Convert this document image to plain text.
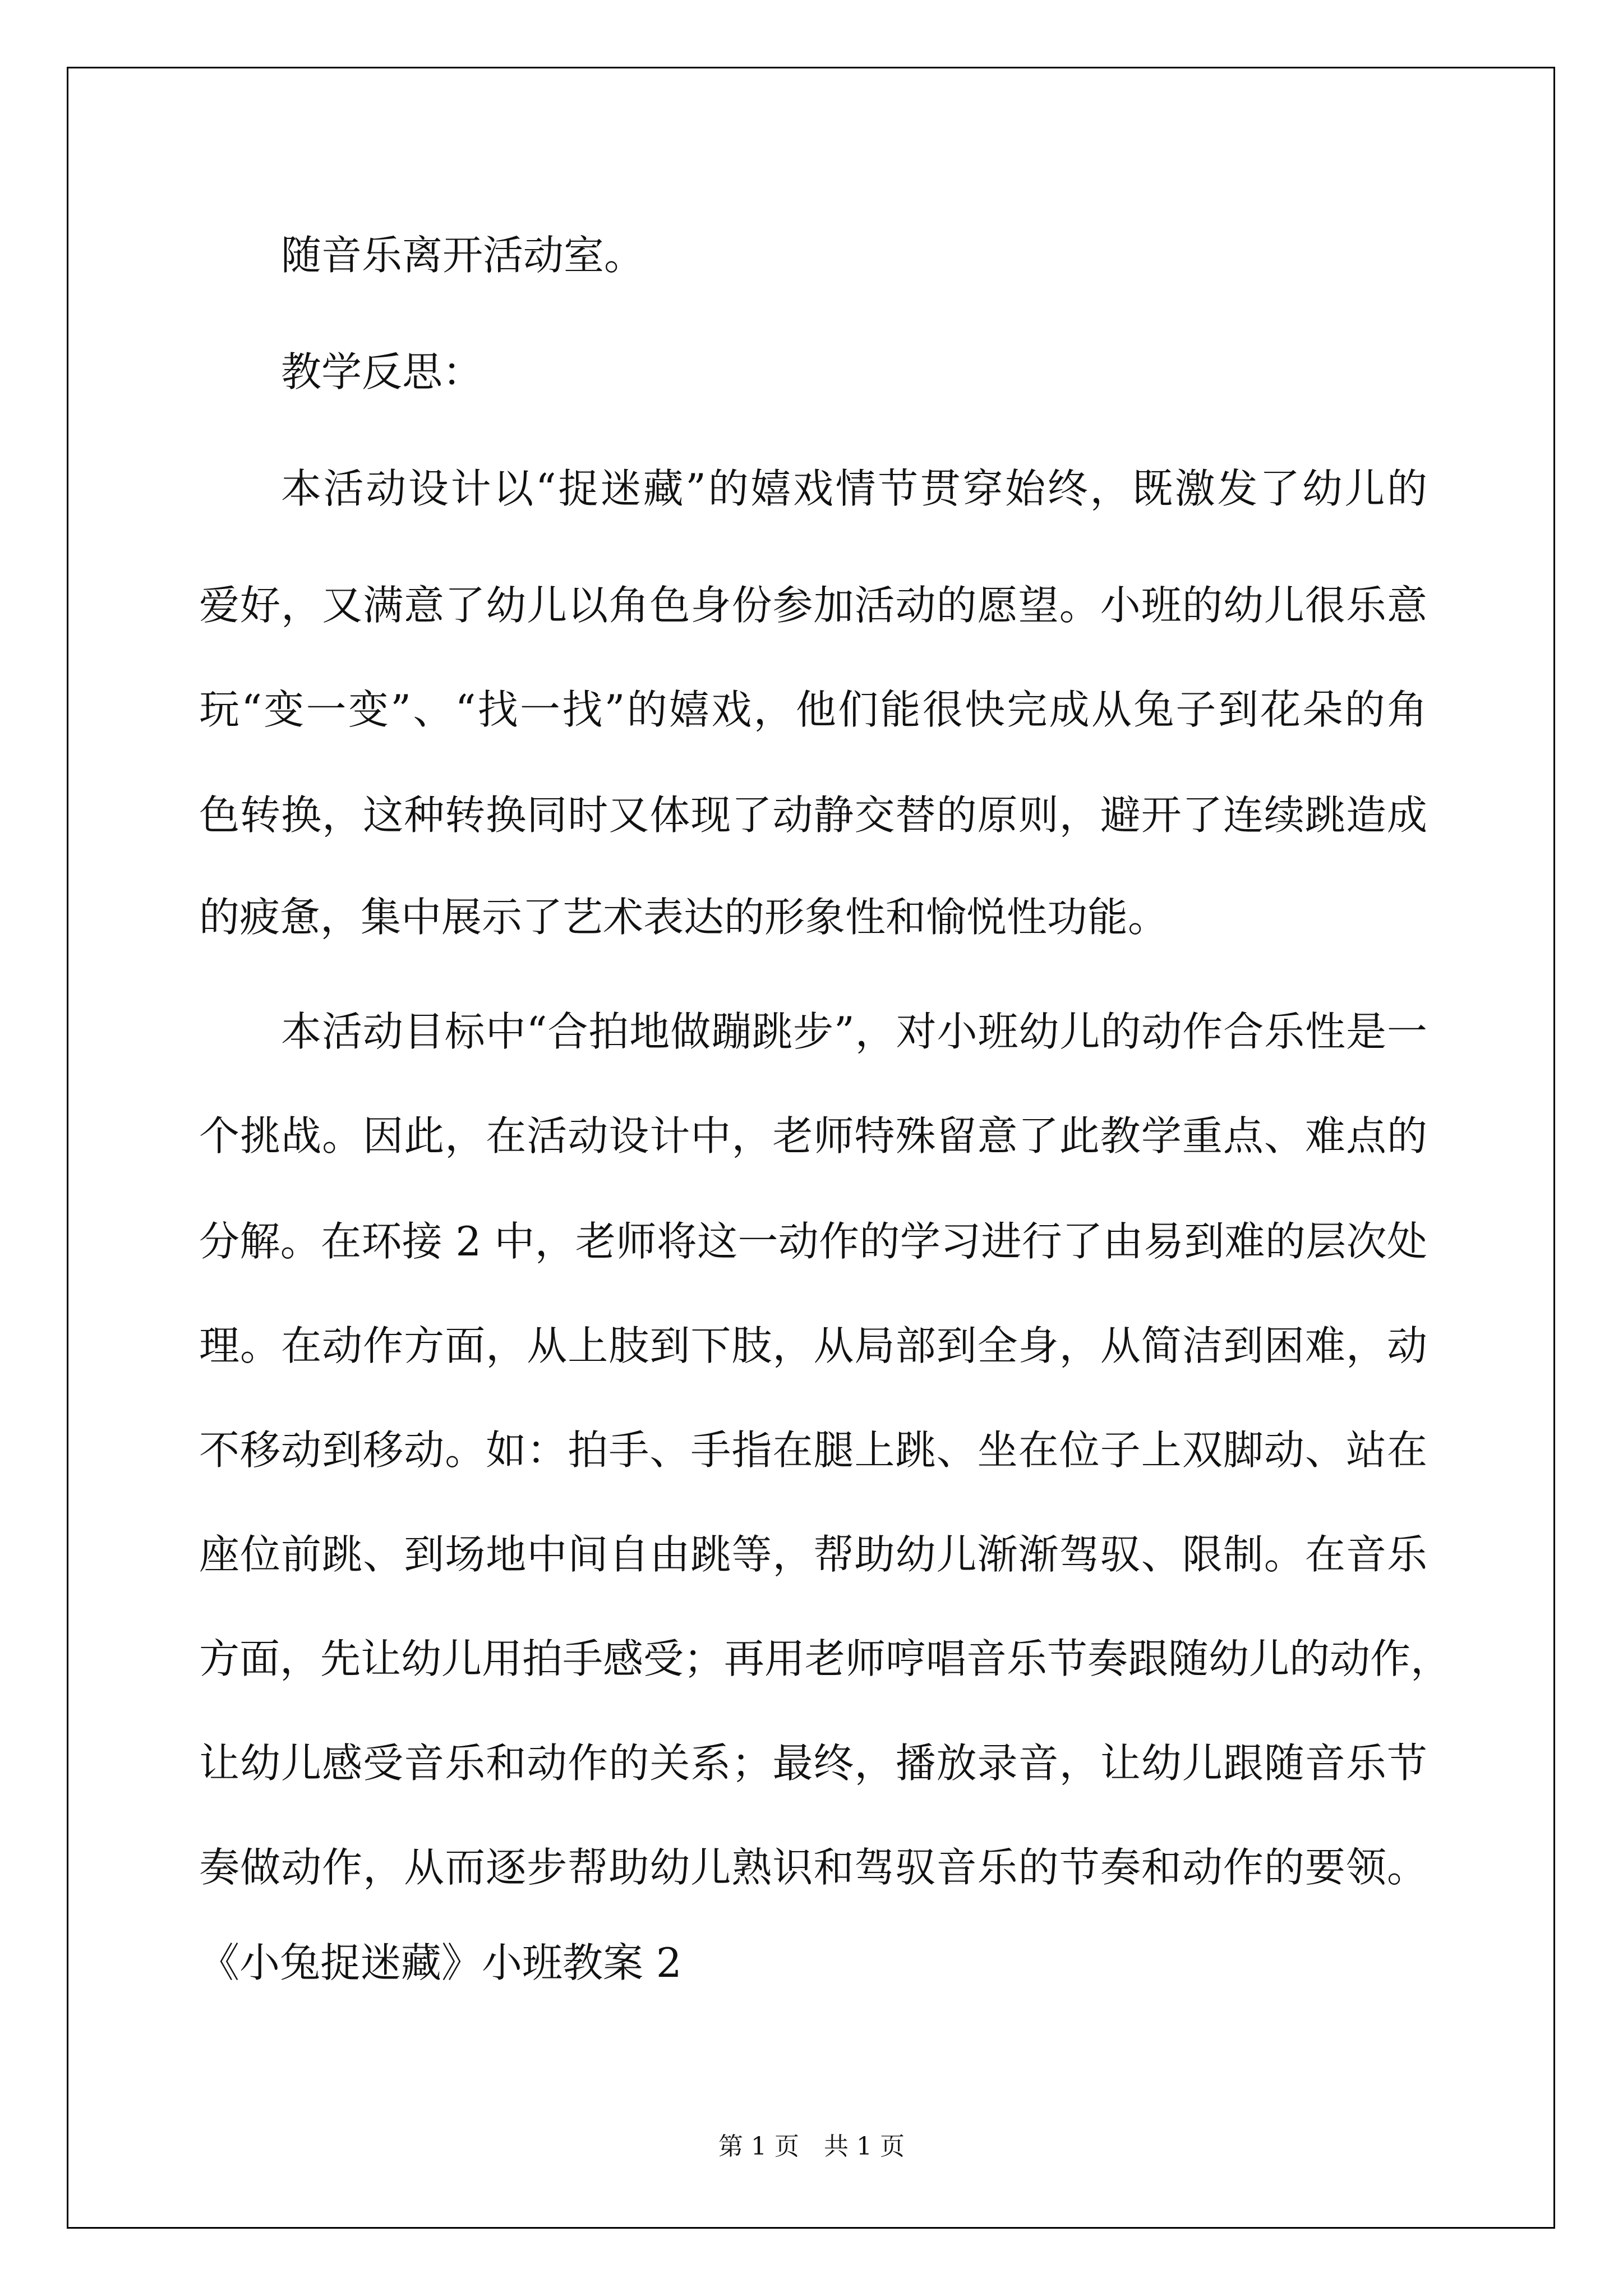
随音乐离开活动室。
教学反思：
本活动设计以“捉迷藏”的嬉戏情节贯穿始终，既激发了幼儿的
爱好，又满意了幼儿以角色身份参加活动的愿望。小班的幼儿很乐意
玩“变一变”、“找一找”的嬉戏，他们能很快完成从兔子到花朵的角
色转换，这种转换同时又体现了动静交替的原则，避开了连续跳造成
的疲惫，集中展示了艺术表达的形象性和愉悦性功能。
本活动目标中“合拍地做蹦跳步”，对小班幼儿的动作合乐性是一
个挑战。因此，在活动设计中，老师特殊留意了此教学重点、难点的
分解。在环接 2 中，老师将这一动作的学习进行了由易到难的层次处
理。在动作方面，从上肢到下肢，从局部到全身，从简洁到困难，动
不移动到移动。如：拍手、手指在腿上跳、坐在位子上双脚动、站在
座位前跳、到场地中间自由跳等，帮助幼儿渐渐驾驭、限制。在音乐
方面，先让幼儿用拍手感受；再用老师哼唱音乐节奏跟随幼儿的动作，
让幼儿感受音乐和动作的关系；最终，播放录音，让幼儿跟随音乐节
奏做动作，从而逐步帮助幼儿熟识和驾驭音乐的节奏和动作的要领。
《小兔捉迷藏》小班教案 2
第 1 页　共 1 页
